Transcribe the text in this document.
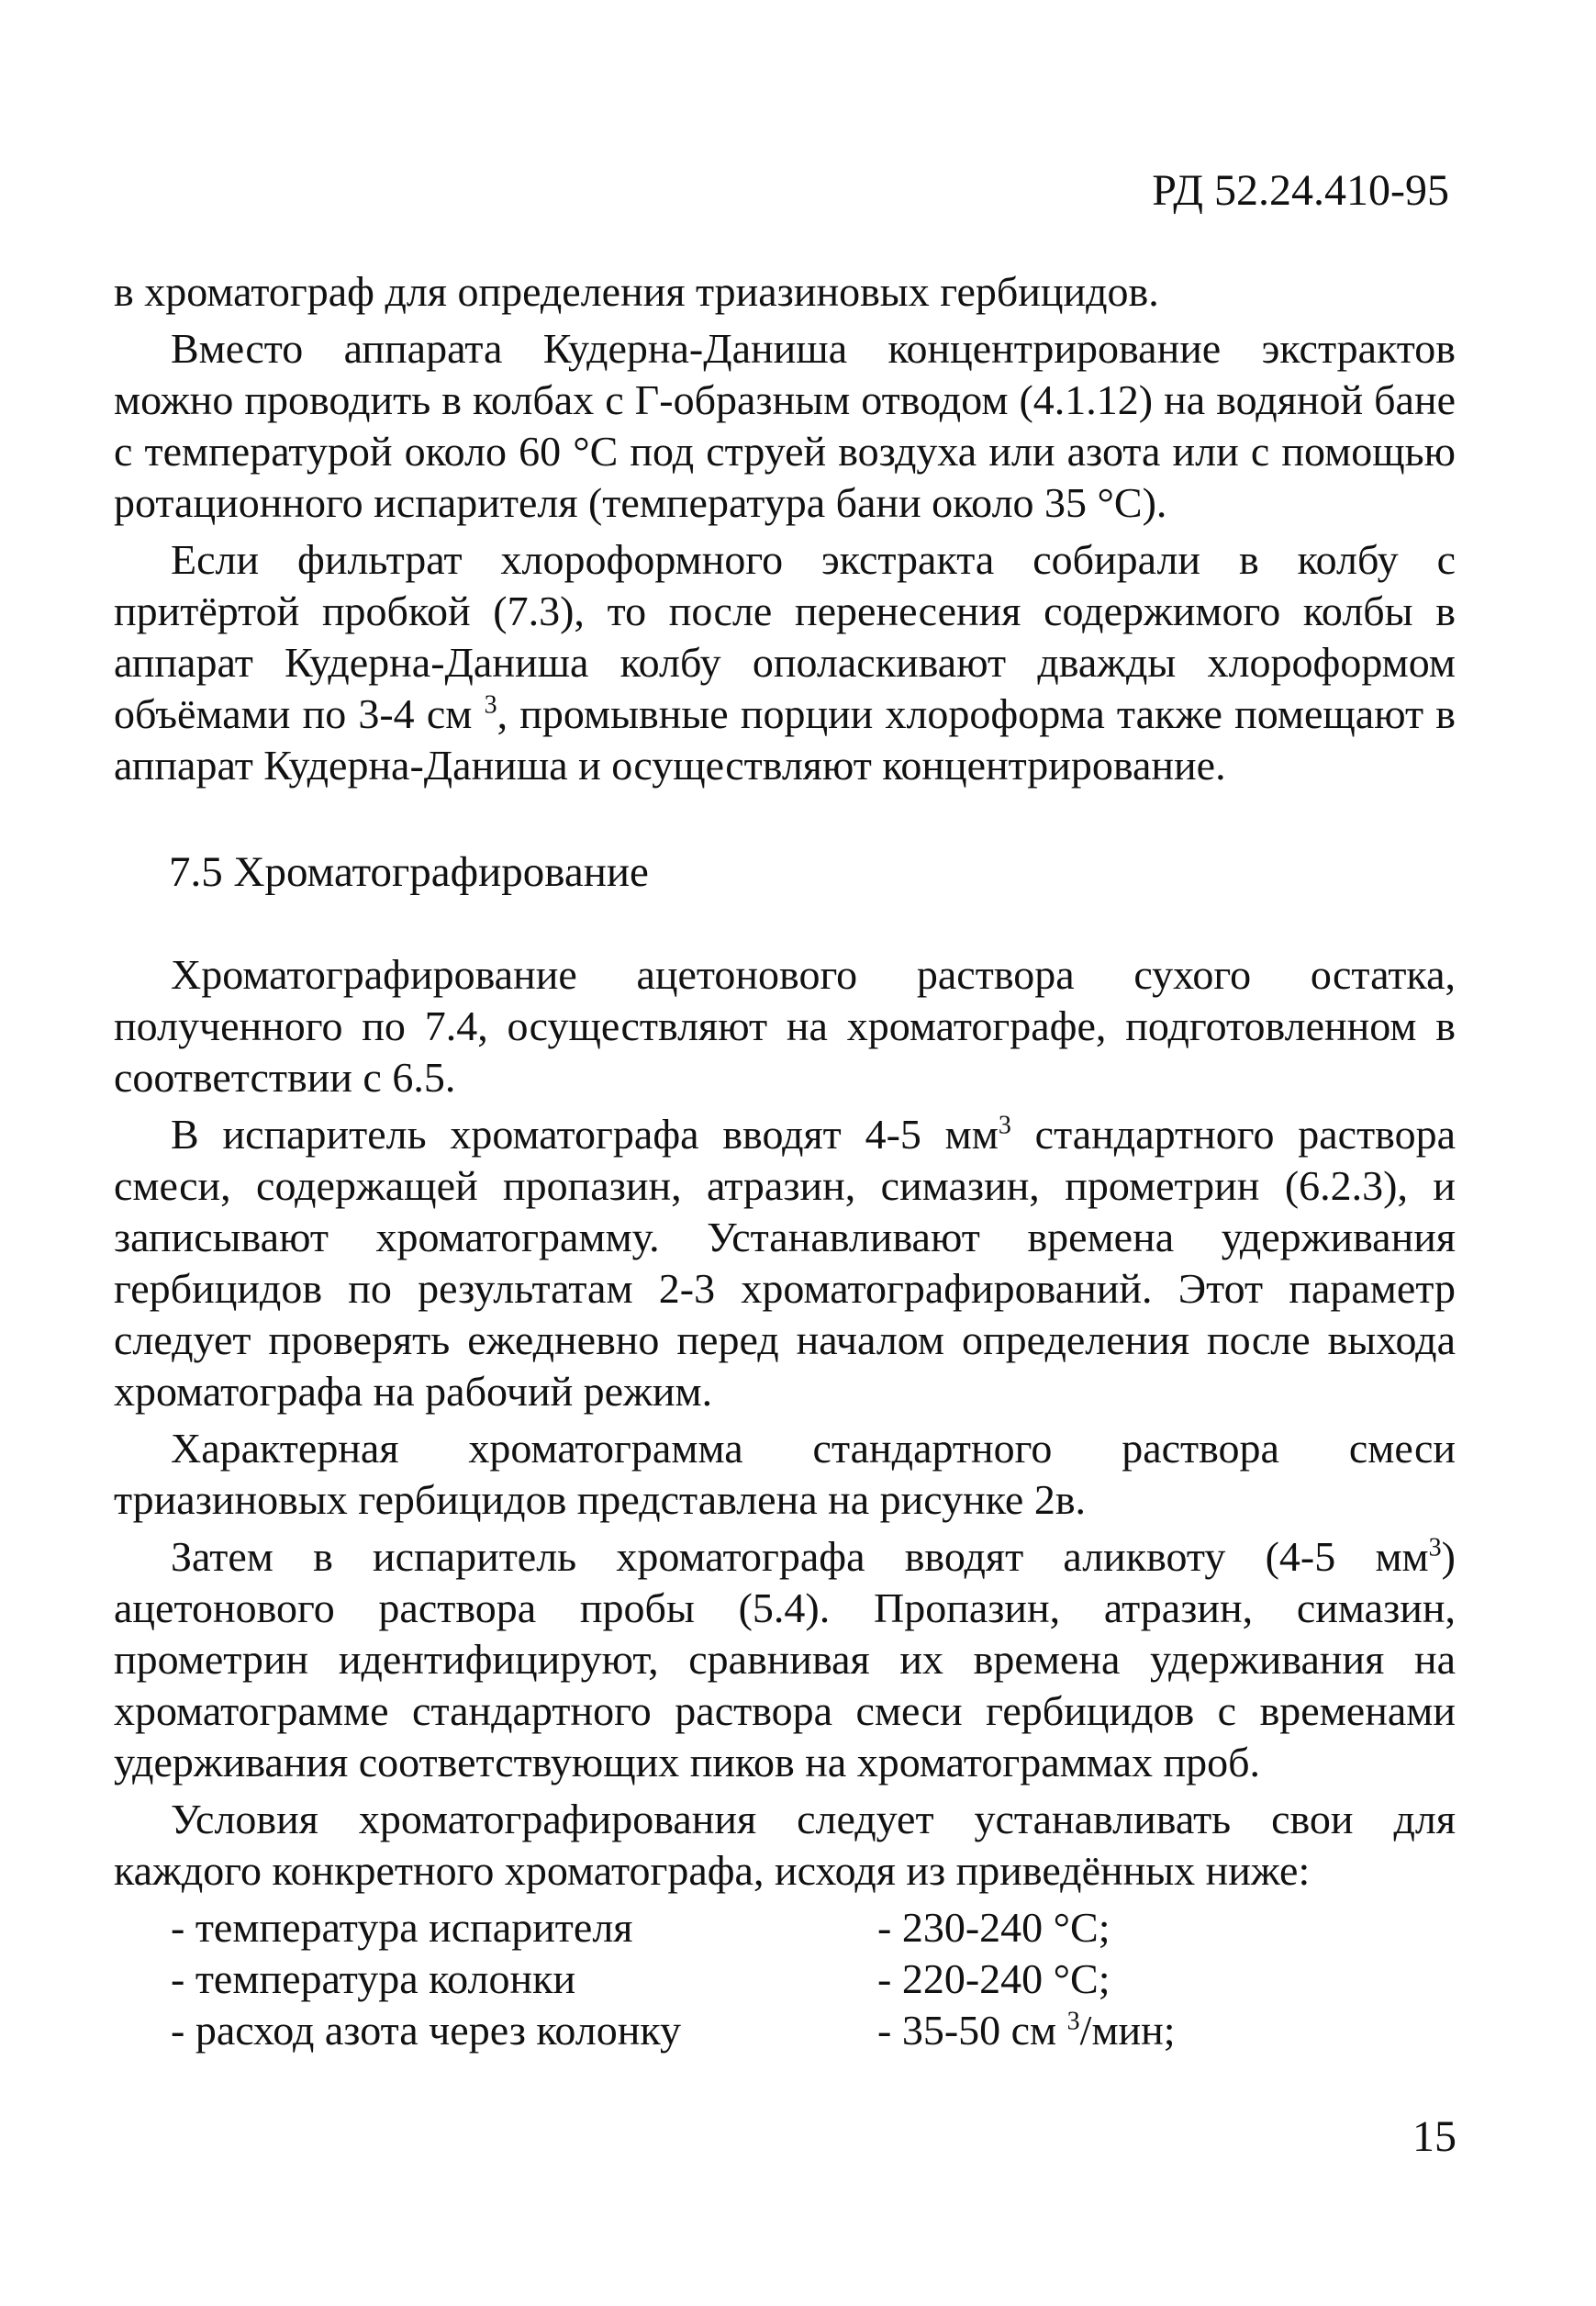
РД 52.24.410-95

в хроматограф для определения триазиновых гербицидов.

Вместо аппарата Кудерна-Даниша концентрирование экстрактов можно проводить в колбах с Г-образным отводом (4.1.12) на водяной бане с температурой около 60 °С под струей воздуха или азота или с помощью ротационного испарителя (температура бани около 35 °С).

Если фильтрат хлороформного экстракта собирали в колбу с притёртой пробкой (7.3), то после перенесения содержимого колбы в аппарат Кудерна-Даниша колбу ополаскивают дважды хлороформом объёмами по 3-4 см $^3$, промывные порции хлороформа также помещают в аппарат Кудерна-Даниша и осуществляют концентрирование.

7.5 Хроматографирование

Хроматографирование ацетонового раствора сухого остатка, полученного по 7.4, осуществляют на хроматографе, подготовленном в соответствии с 6.5.

В испаритель хроматографа вводят 4-5 $мм^3$ стандартного раствора смеси, содержащей пропазин, атразин, симазин, прометрин (6.2.3), и записывают хроматограмму. Устанавливают времена удерживания гербицидов по результатам 2-3 хроматографирований. Этот параметр следует проверять ежедневно перед началом определения после выхода хроматографа на рабочий режим.

Характерная хроматограмма стандартного раствора смеси триазиновых гербицидов представлена на рисунке 2в.

Затем в испаритель хроматографа вводят аликвоту (4-5 $мм^3$) ацетонового раствора пробы (5.4). Пропазин, атразин, симазин, прометрин идентифицируют, сравнивая их времена удерживания на хроматограмме стандартного раствора смеси гербицидов с временами удерживания соответствующих пиков на хроматограммах проб.

Условия хроматографирования следует устанавливать свои для каждого конкретного хроматографа, исходя из приведённых ниже:

- температура испарителя	- 230-240 °С;
- температура колонки	- 220-240 °С;
- расход азота через колонку	- 35-50 см $^3$/мин;
15
